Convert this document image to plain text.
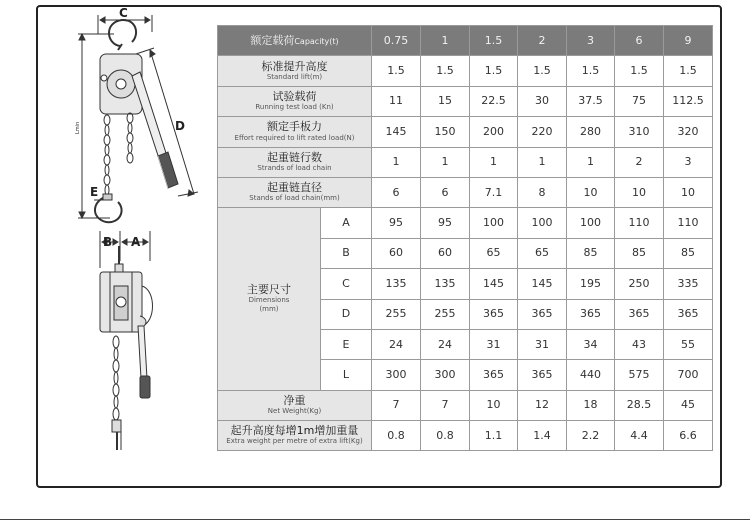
C
D
E
B A
Lmin
额定载荷Capacity(t)		0.75	1	1.5	2	3	6	9

标准提升高度
Standard lift(m)		1.5	1.5	1.5	1.5	1.5	1.5	1.5

试验载荷
Running test load (Kn)		11	15	22.5	30	37.5	75	112.5

额定手板力
Effort required to lift rated load(N)		145	150	200	220	280	310	320

起重链行数
Strands of load chain		1	1	1	1	1	2	3

起重链直径
Stands of load chain(mm)		6	6	7.1	8	10	10	10

主要尺寸
Dimensions
(mm)	A	95	95	100	100	100	110	110
	B	60	60	65	65	85	85	85
	C	135	135	145	145	195	250	335
	D	255	255	365	365	365	365	365
	E	24	24	31	31	34	43	55
	L	300	300	365	365	440	575	700

净重
Net Weight(Kg)		7	7	10	12	18	28.5	45

起升高度每增1m增加重量
Extra weight per metre of extra lift(Kg)		0.8	0.8	1.1	1.4	2.2	4.4	6.6
